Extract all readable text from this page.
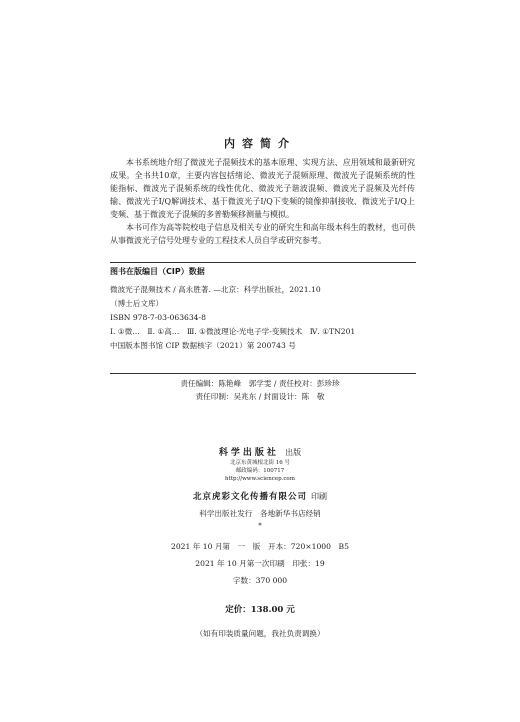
内容简介

本书系统地介绍了微波光子混频技术的基本原理、实现方法、应用领域和最新研究成果。全书共10章，主要内容包括绪论、微波光子混频原理、微波光子混频系统的性能指标、微波光子混频系统的线性优化、微波光子谐波混频、微波光子混频及光纤传输、微波光子I/Q解调技术、基于微波光子I/Q下变频的镜像抑制接收、微波光子I/Q上变频、基于微波光子混频的多普勒频移测量与模拟。

本书可作为高等院校电子信息及相关专业的研究生和高年级本科生的教材，也可供从事微波光子信号处理专业的工程技术人员自学或研究参考。

图书在版编目（CIP）数据
微波光子混频技术 / 高永胜著. —北京：科学出版社，2021.10
（博士后文库）
ISBN 978-7-03-063634-8
Ⅰ. ①微…　Ⅱ. ①高…　Ⅲ. ①微波理论-光电子学-变频技术　Ⅳ. ①TN201
中国版本图书馆 CIP 数据核字（2021）第 200743 号
责任编辑：陈艳峰　郭学雯 / 责任校对：彭珍珍
责任印制：吴兆东 / 封面设计：陈　敬
科学出版社 出版
北京东黄城根北街 16 号
邮政编码：100717
http://www.sciencep.com
北京虎彩文化传播有限公司 印刷
科学出版社发行　各地新华书店经销
*
2021 年 10 月第　一　版　开本：720×1000　B5
2021 年 10 月第一次印刷　印张：19
字数：370 000
定价：138.00 元
（如有印装质量问题，我社负责调换）
